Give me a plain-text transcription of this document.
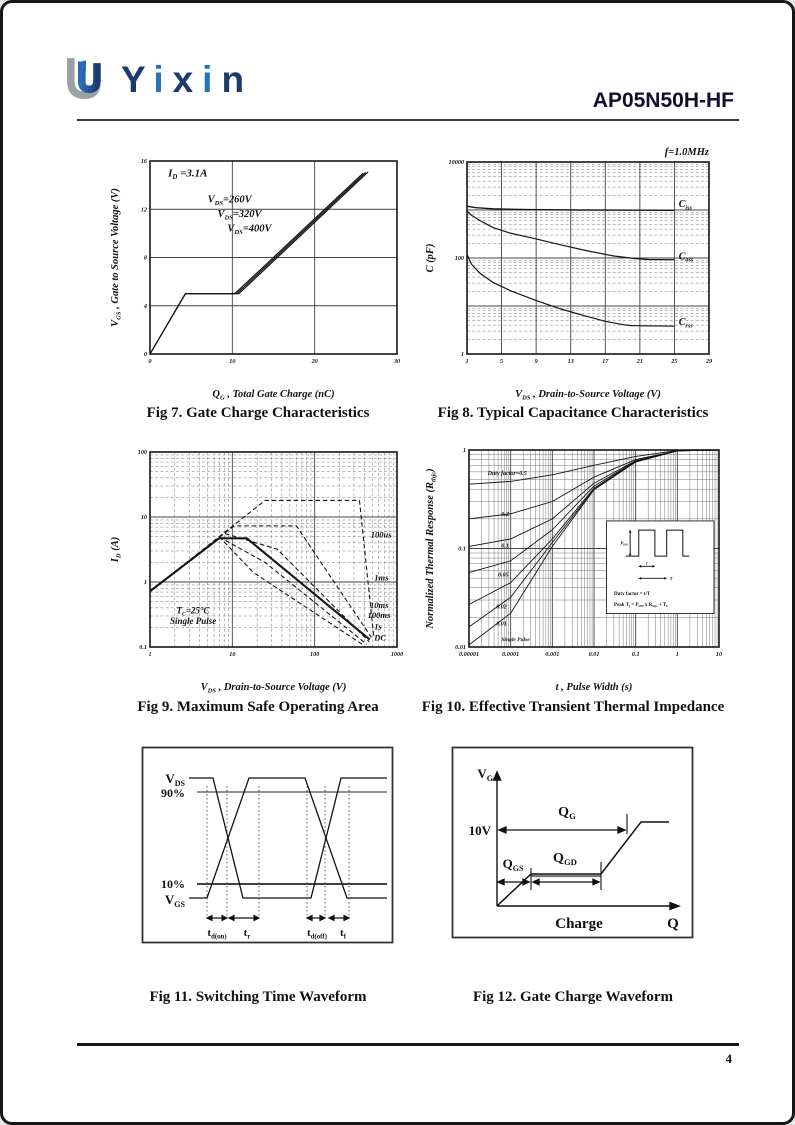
Yixin
AP05N50H-HF
0	10	20	30
0
4
8
12
16
$I_D =3.1A$
$V_{DS}=260V$
$V_{DS}=320V$
$V_{DS}=400V$
$Q_G$ , Total Gate Charge (nC)
$V_{GS}$ , Gate to Source Voltage (V)
1	5	9	13	17	21	25	29
1
100
10000
$C_{iss}$
$C_{oss}$
$C_{rss}$
$V_{DS}$ , Drain-to-Source Voltage (V)
C (pF)
f=1.0MHz
1	10	100	1000
0.1
1
10
100
$T_C=25^\circ C$
Single Pulse
100us
1ms
10ms
100ms
1s
DC
$V_{DS}$ , Drain-to-Source Voltage (V)
$I_D$ (A)
0.00001	0.0001	0.001	0.01	0.1	1	10
0.01
0.1
1
Duty factor=0.5
0.2
0.1
0.05
0.02
0.01
Single Pulse
t , Pulse Width (s)
Normalized Thermal Response $(R_{thjc})$
$P_{DM}$
t
T
Duty factor = t/T
Peak $T_j = P_{DM}$ x $R_{thjc} + T_C$
Fig 7. Gate Charge Characteristics	Fig 8. Typical Capacitance Characteristics
Fig 9. Maximum Safe Operating Area	Fig 10. Effective Transient Thermal Impedance
$V_{DS}$
90%
10%
$V_{GS}$
$t_{d(on)}$ $t_r$	$t_{d(off)}$ $t_f$
$V_G$
10V
$Q_G$
$Q_{GS}$
$Q_{GD}$
Charge	Q
Fig 11. Switching Time Waveform	Fig 12. Gate Charge Waveform
4
